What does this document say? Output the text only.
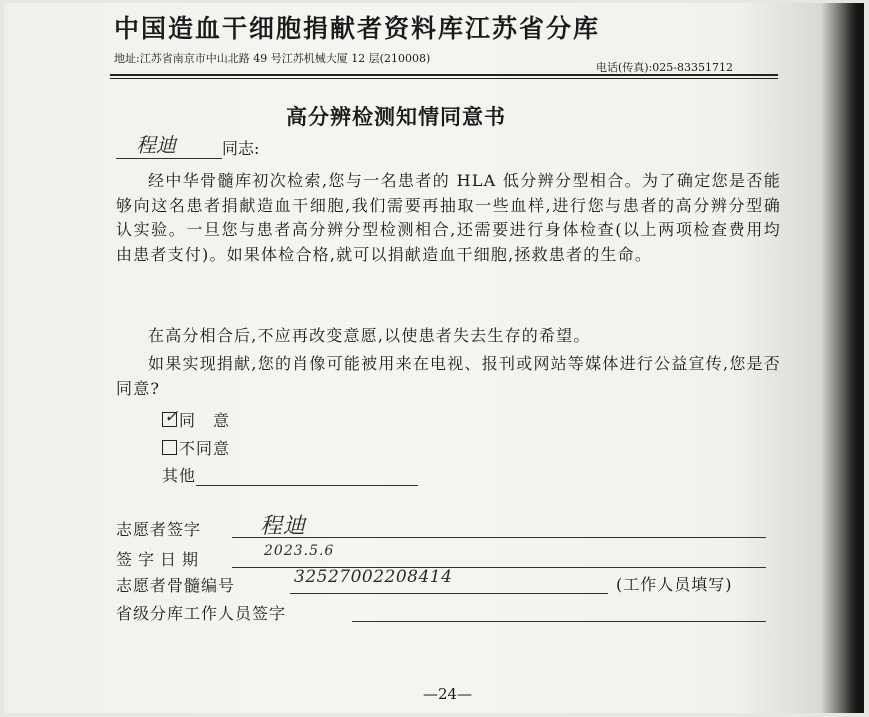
中国造血干细胞捐献者资料库江苏省分库
地址:江苏省南京市中山北路 49 号江苏机械大厦 12 层(210008)
电话(传真):025-83351712
高分辨检测知情同意书
程迪	同志:
经中华骨髓库初次检索,您与一名患者的 HLA 低分辨分型相合。为了确定您是否能够向这名患者捐献造血干细胞,我们需要再抽取一些血样,进行您与患者的高分辨分型确认实验。一旦您与患者高分辨分型检测相合,还需要进行身体检查(以上两项检查费用均由患者支付)。如果体检合格,就可以捐献造血干细胞,拯救患者的生命。
在高分相合后,不应再改变意愿,以使患者失去生存的希望。
如果实现捐献,您的肖像可能被用来在电视、报刊或网站等媒体进行公益宣传,您是否同意?
✓ 同　意
不同意
其他
志愿者签字	程迪
签字日期	2023.5.6
志愿者骨髓编号	32527002208414	(工作人员填写)
省级分库工作人员签字
—24—
